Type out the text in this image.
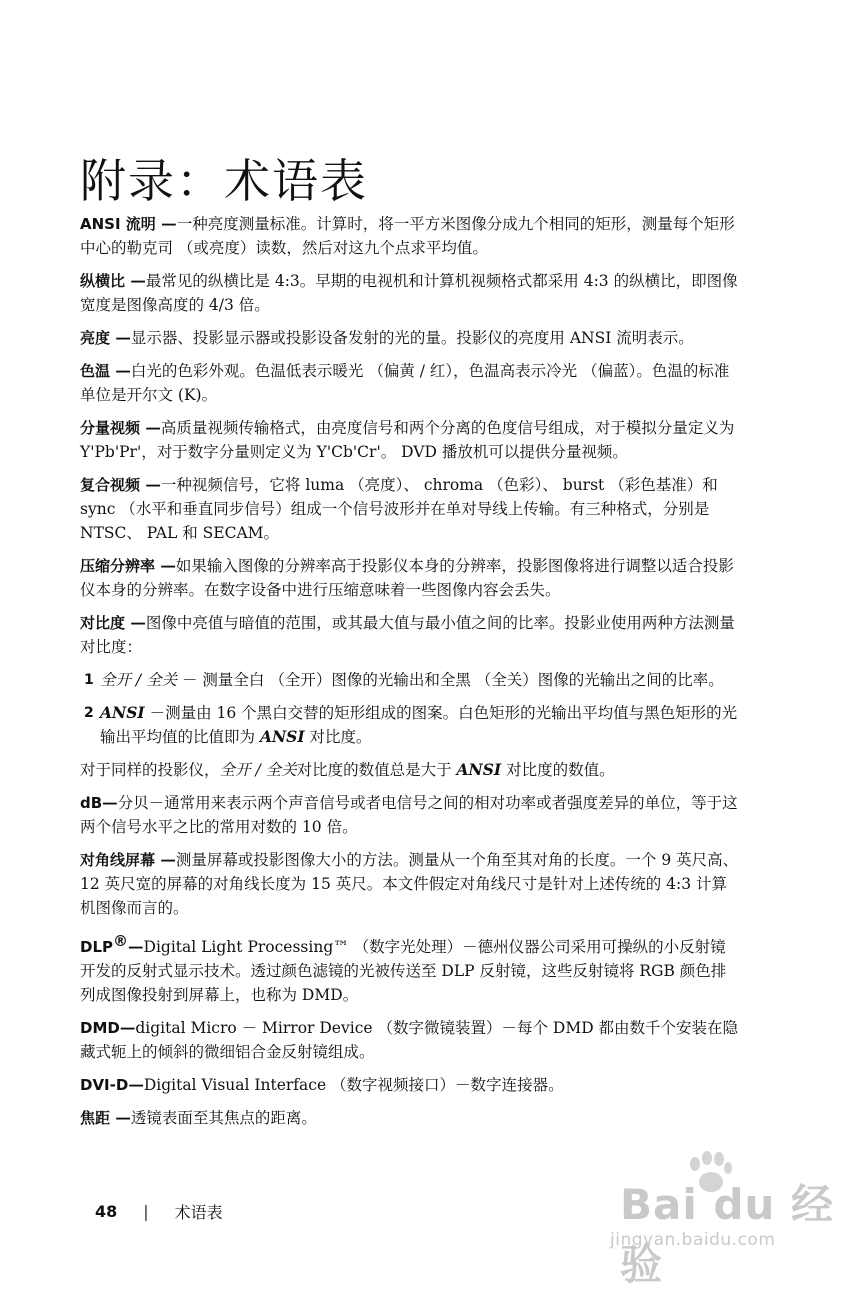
附录：术语表

ANSI 流明 —一种亮度测量标准。计算时，将一平方米图像分成九个相同的矩形，测量每个矩形中心的勒克司 （或亮度）读数，然后对这九个点求平均值。

纵横比 —最常见的纵横比是 4:3。早期的电视机和计算机视频格式都采用 4:3 的纵横比，即图像宽度是图像高度的 4/3 倍。

亮度 —显示器、投影显示器或投影设备发射的光的量。投影仪的亮度用 ANSI 流明表示。

色温 —白光的色彩外观。色温低表示暖光 （偏黄 / 红），色温高表示冷光 （偏蓝）。色温的标准单位是开尔文 (K)。

分量视频 —高质量视频传输格式，由亮度信号和两个分离的色度信号组成，对于模拟分量定义为 Y'Pb'Pr'，对于数字分量则定义为 Y'Cb'Cr'。 DVD 播放机可以提供分量视频。

复合视频 —一种视频信号，它将 luma （亮度）、 chroma （色彩）、 burst （彩色基准）和 sync （水平和垂直同步信号）组成一个信号波形并在单对导线上传输。有三种格式，分别是 NTSC、 PAL 和 SECAM。

压缩分辨率 —如果输入图像的分辨率高于投影仪本身的分辨率，投影图像将进行调整以适合投影仪本身的分辨率。在数字设备中进行压缩意味着一些图像内容会丢失。

对比度 —图像中亮值与暗值的范围，或其最大值与最小值之间的比率。投影业使用两种方法测量对比度：

1 全开 / 全关 － 测量全白 （全开）图像的光输出和全黑 （全关）图像的光输出之间的比率。
2 ANSI －测量由 16 个黑白交替的矩形组成的图案。白色矩形的光输出平均值与黑色矩形的光输出平均值的比值即为 ANSI 对比度。

对于同样的投影仪，全开 / 全关对比度的数值总是大于 ANSI 对比度的数值。

dB—分贝－通常用来表示两个声音信号或者电信号之间的相对功率或者强度差异的单位，等于这两个信号水平之比的常用对数的 10 倍。

对角线屏幕 —测量屏幕或投影图像大小的方法。测量从一个角至其对角的长度。一个 9 英尺高、 12 英尺宽的屏幕的对角线长度为 15 英尺。本文件假定对角线尺寸是针对上述传统的 4:3 计算机图像而言的。

DLP®—Digital Light Processing™ （数字光处理）－德州仪器公司采用可操纵的小反射镜开发的反射式显示技术。透过颜色滤镜的光被传送至 DLP 反射镜，这些反射镜将 RGB 颜色排列成图像投射到屏幕上，也称为 DMD。

DMD—digital Micro － Mirror Device （数字微镜装置）－每个 DMD 都由数千个安装在隐藏式轭上的倾斜的微细铝合金反射镜组成。

DVI-D—Digital Visual Interface （数字视频接口）－数字连接器。

焦距 —透镜表面至其焦点的距离。

48 | 术语表	Bai du 经验
jingyan.baidu.com
